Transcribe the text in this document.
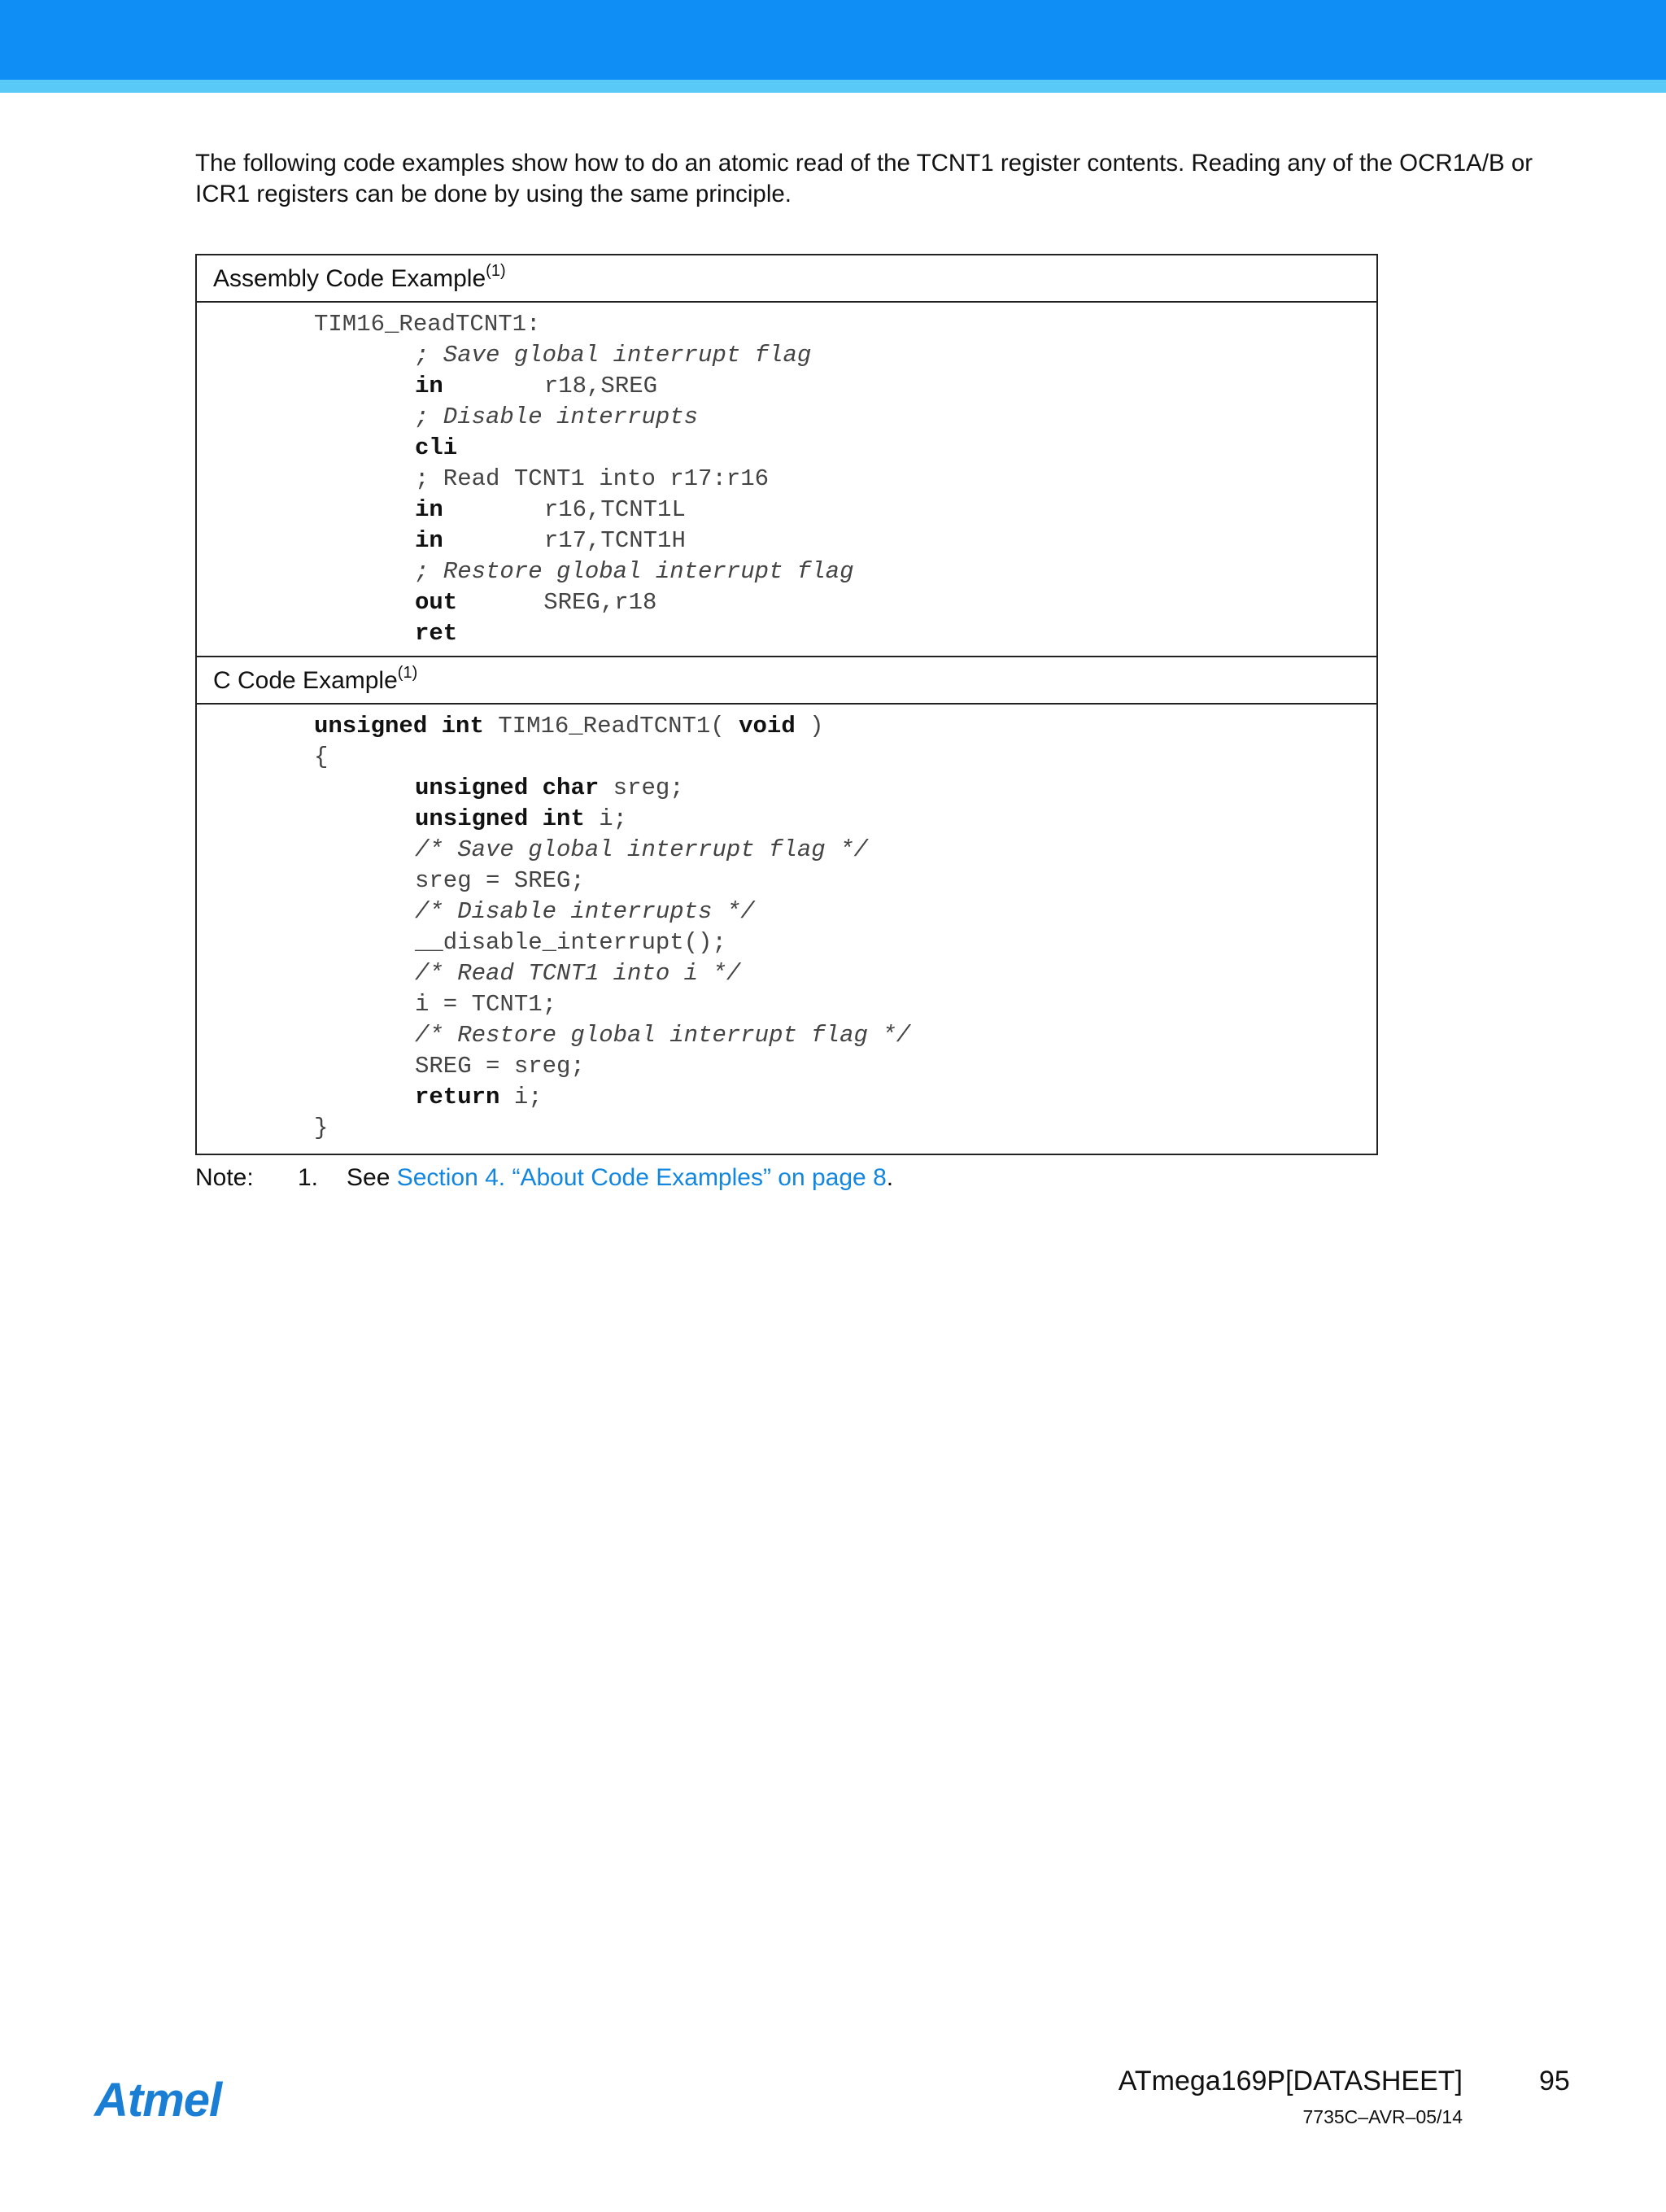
The following code examples show how to do an atomic read of the TCNT1 register contents. Reading any of the OCR1A/B or ICR1 registers can be done by using the same principle.

Assembly Code Example$^{(1)}$
TIM16_ReadTCNT1:
; Save global interrupt flag
in	r18,SREG
; Disable interrupts
cli
; Read TCNT1 into r17:r16
in	r16,TCNT1L
in	r17,TCNT1H
; Restore global interrupt flag
out	SREG,r18
ret
C Code Example$^{(1)}$
unsigned int TIM16_ReadTCNT1( void )
{
unsigned char sreg;
unsigned int i;
/* Save global interrupt flag */
sreg = SREG;
/* Disable interrupts */
__disable_interrupt();
/* Read TCNT1 into i */
i = TCNT1;
/* Restore global interrupt flag */
SREG = sreg;
return i;
}
Note: 1. See Section 4. “About Code Examples” on page 8.
Atmel	ATmega169P[DATASHEET]	95
7735C–AVR–05/14
